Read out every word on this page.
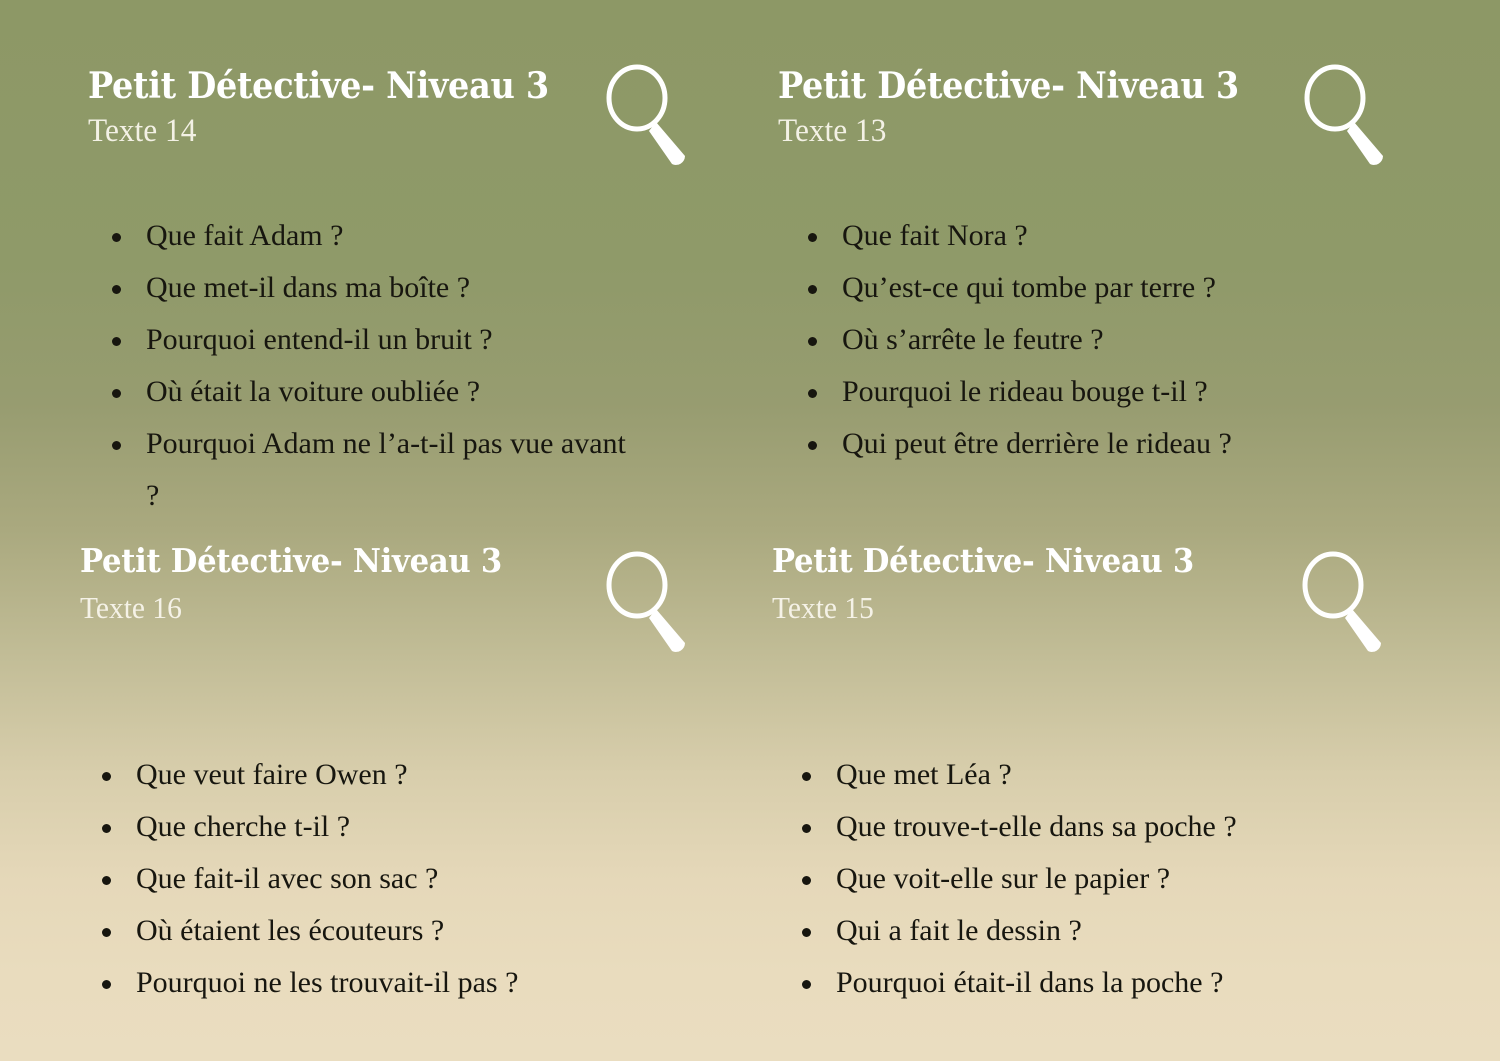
Petit Détective- Niveau 3
Texte 14
Que fait Adam ?
Que met-il dans ma boîte ?
Pourquoi entend-il un bruit ?
Où était la voiture oubliée ?
Pourquoi Adam ne l’a-t-il pas vue avant ?
Petit Détective- Niveau 3
Texte 13
Que fait Nora ?
Qu’est-ce qui tombe par terre ?
Où s’arrête le feutre ?
Pourquoi le rideau bouge t-il ?
Qui peut être derrière le rideau ?
Petit Détective- Niveau 3
Texte 16
Que veut faire Owen ?
Que cherche t-il ?
Que fait-il avec son sac ?
Où étaient les écouteurs ?
Pourquoi ne les trouvait-il pas ?
Petit Détective- Niveau 3
Texte 15
Que met Léa ?
Que trouve-t-elle dans sa poche ?
Que voit-elle sur le papier ?
Qui a fait le dessin ?
Pourquoi était-il dans la poche ?
